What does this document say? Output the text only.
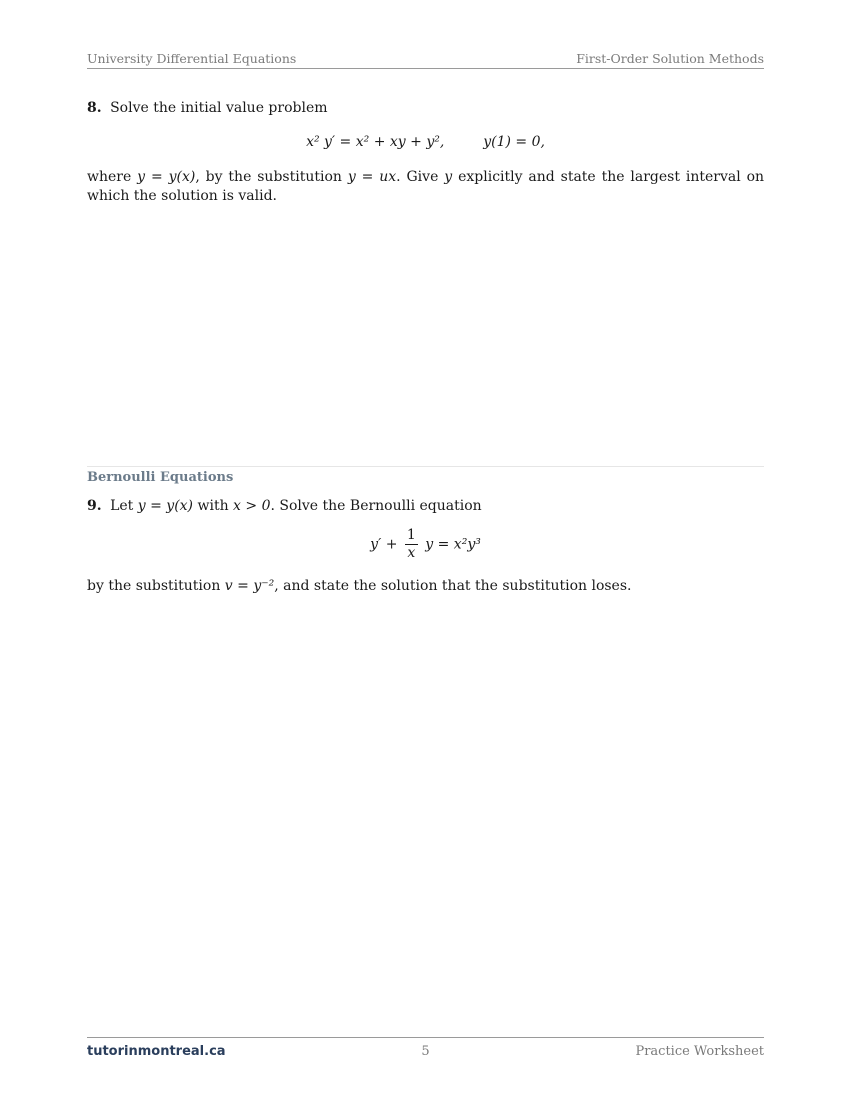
University Differential Equations	First-Order Solution Methods
8. Solve the initial value problem
x² y′ = x² + xy + y²,	y(1) = 0,
where y = y(x), by the substitution y = ux. Give y explicitly and state the largest interval on which the solution is valid.
Bernoulli Equations
9. Let y = y(x) with x > 0. Solve the Bernoulli equation
$y' + \frac{1}{x}$ y = x²y³
by the substitution v = y⁻², and state the solution that the substitution loses.
tutorinmontreal.ca	5	Practice Worksheet
